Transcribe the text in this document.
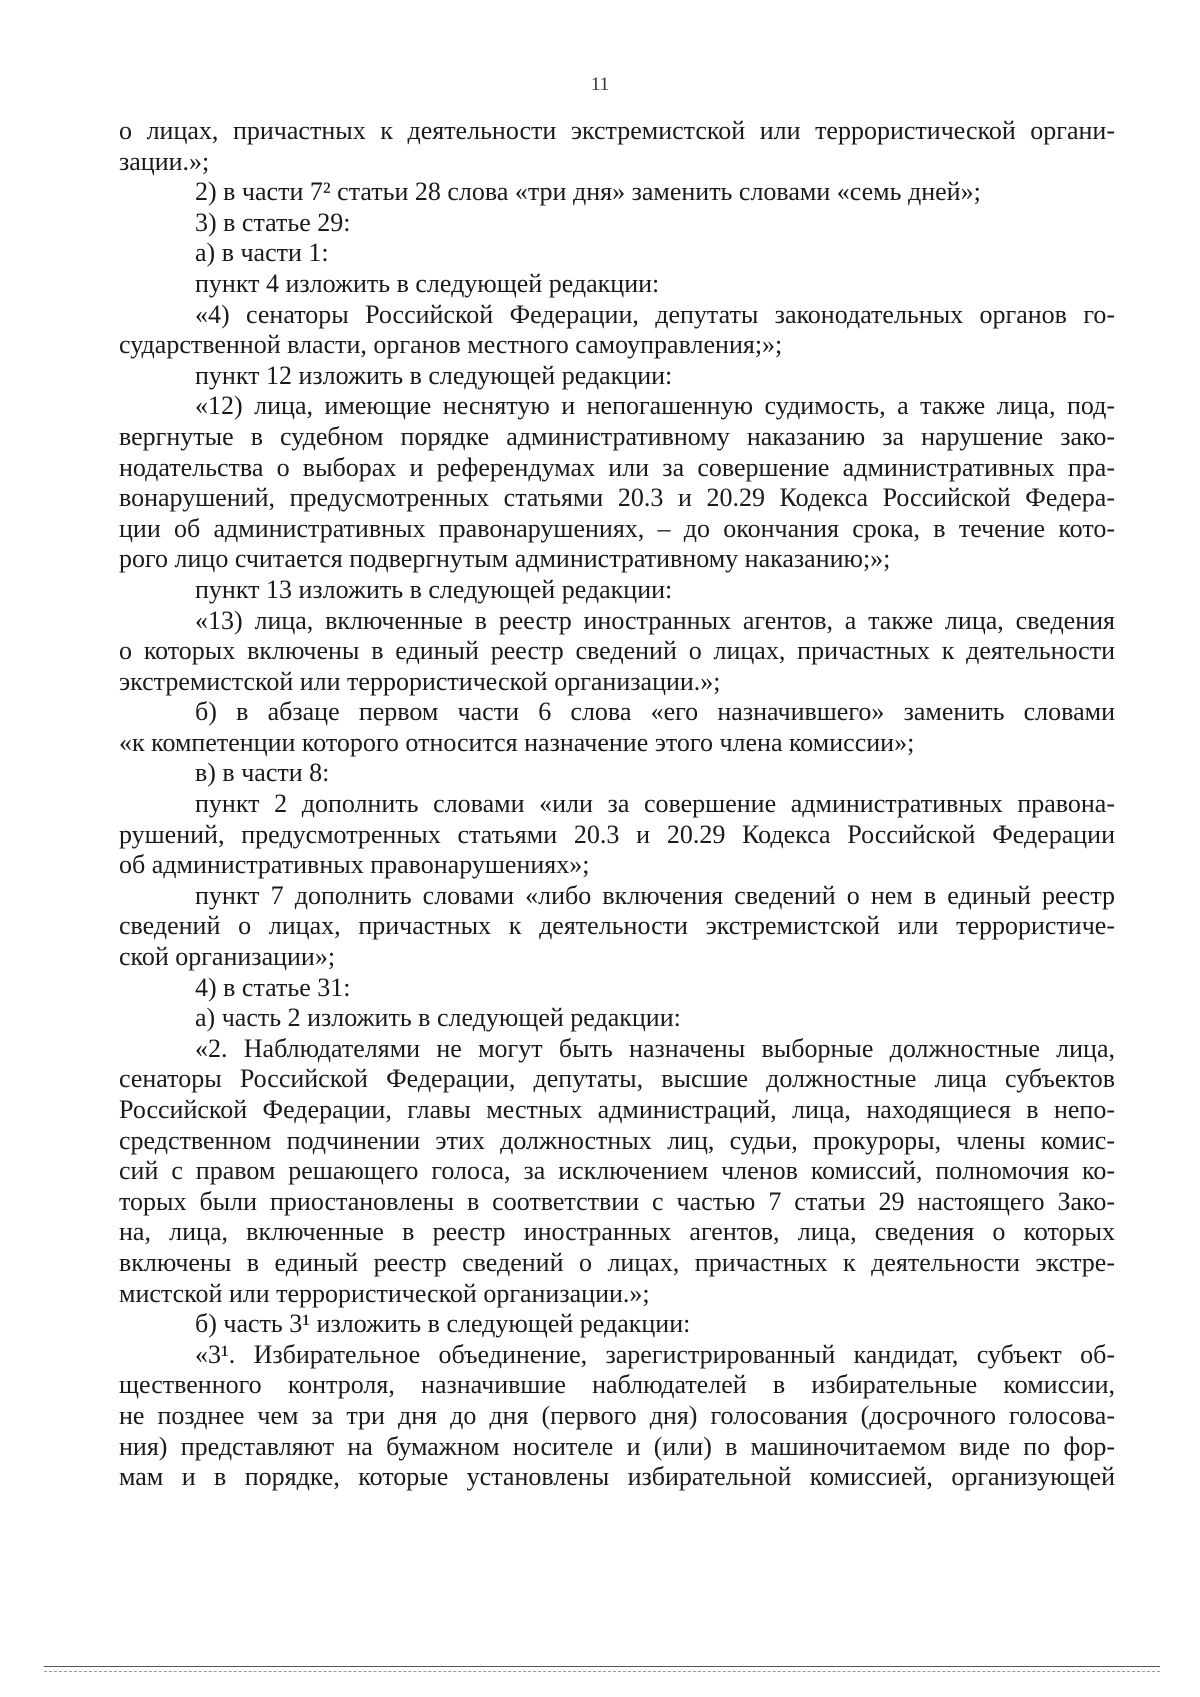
11
о лицах, причастных к деятельности экстремистской или террористической органи-
зации.»;
2) в части 7² статьи 28 слова «три дня» заменить словами «семь дней»;
3) в статье 29:
а) в части 1:
пункт 4 изложить в следующей редакции:
«4) сенаторы Российской Федерации, депутаты законодательных органов го-
сударственной власти, органов местного самоуправления;»;
пункт 12 изложить в следующей редакции:
«12) лица, имеющие неснятую и непогашенную судимость, а также лица, под-
вергнутые в судебном порядке административному наказанию за нарушение зако-
нодательства о выборах и референдумах или за совершение административных пра-
вонарушений, предусмотренных статьями 20.3 и 20.29 Кодекса Российской Федера-
ции об административных правонарушениях, – до окончания срока, в течение кото-
рого лицо считается подвергнутым административному наказанию;»;
пункт 13 изложить в следующей редакции:
«13) лица, включенные в реестр иностранных агентов, а также лица, сведения
о которых включены в единый реестр сведений о лицах, причастных к деятельности
экстремистской или террористической организации.»;
б) в абзаце первом части 6 слова «его назначившего» заменить словами
«к компетенции которого относится назначение этого члена комиссии»;
в) в части 8:
пункт 2 дополнить словами «или за совершение административных правона-
рушений, предусмотренных статьями 20.3 и 20.29 Кодекса Российской Федерации
об административных правонарушениях»;
пункт 7 дополнить словами «либо включения сведений о нем в единый реестр
сведений о лицах, причастных к деятельности экстремистской или террористиче-
ской организации»;
4) в статье 31:
а) часть 2 изложить в следующей редакции:
«2. Наблюдателями не могут быть назначены выборные должностные лица,
сенаторы Российской Федерации, депутаты, высшие должностные лица субъектов
Российской Федерации, главы местных администраций, лица, находящиеся в непо-
средственном подчинении этих должностных лиц, судьи, прокуроры, члены комис-
сий с правом решающего голоса, за исключением членов комиссий, полномочия ко-
торых были приостановлены в соответствии с частью 7 статьи 29 настоящего Зако-
на, лица, включенные в реестр иностранных агентов, лица, сведения о которых
включены в единый реестр сведений о лицах, причастных к деятельности экстре-
мистской или террористической организации.»;
б) часть 3¹ изложить в следующей редакции:
«3¹. Избирательное объединение, зарегистрированный кандидат, субъект об-
щественного контроля, назначившие наблюдателей в избирательные комиссии,
не позднее чем за три дня до дня (первого дня) голосования (досрочного голосова-
ния) представляют на бумажном носителе и (или) в машиночитаемом виде по фор-
мам и в порядке, которые установлены избирательной комиссией, организующей
